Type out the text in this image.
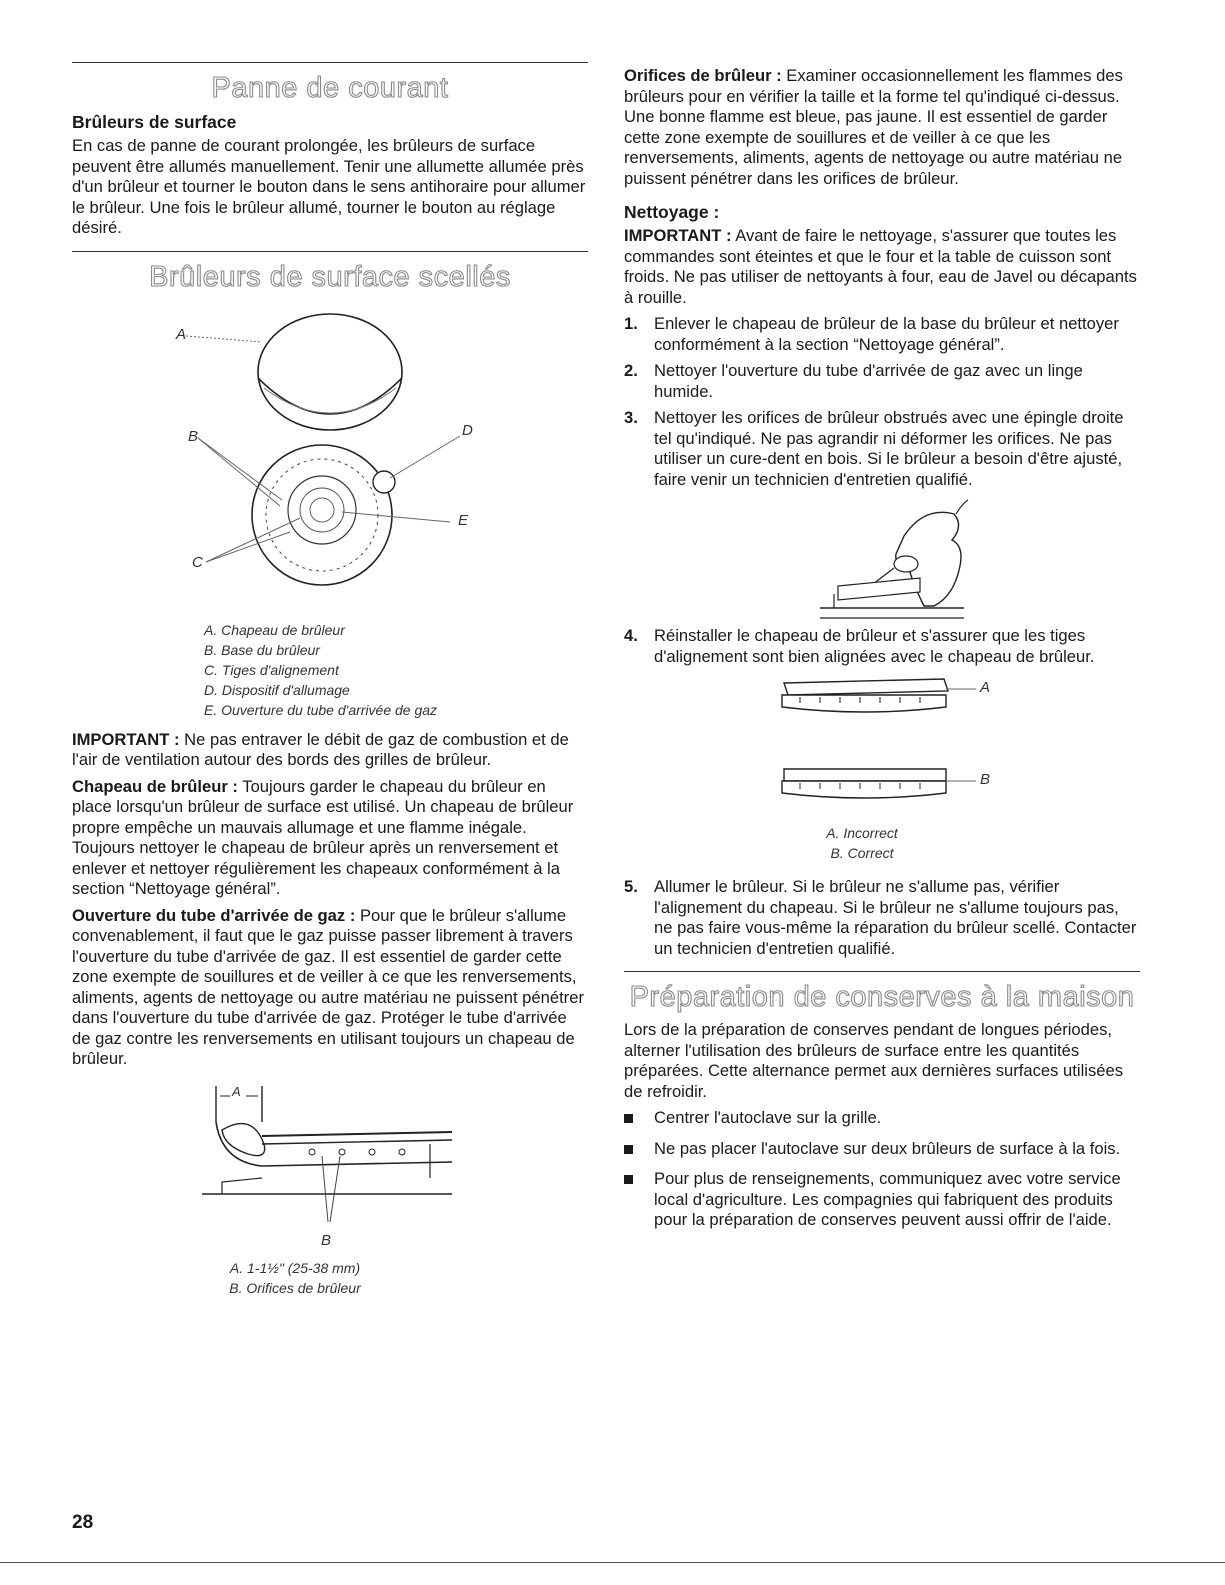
Panne de courant
Brûleurs de surface

En cas de panne de courant prolongée, les brûleurs de surface peuvent être allumés manuellement. Tenir une allumette allumée près d'un brûleur et tourner le bouton dans le sens antihoraire pour allumer le brûleur. Une fois le brûleur allumé, tourner le bouton au réglage désiré.

Brûleurs de surface scellés
A
B	D
E
C
A. Chapeau de brûleur
B. Base du brûleur
C. Tiges d'alignement
D. Dispositif d'allumage
E. Ouverture du tube d'arrivée de gaz

IMPORTANT : Ne pas entraver le débit de gaz de combustion et de l'air de ventilation autour des bords des grilles de brûleur.

Chapeau de brûleur : Toujours garder le chapeau du brûleur en place lorsqu'un brûleur de surface est utilisé. Un chapeau de brûleur propre empêche un mauvais allumage et une flamme inégale. Toujours nettoyer le chapeau de brûleur après un renversement et enlever et nettoyer régulièrement les chapeaux conformément à la section “Nettoyage général”.

Ouverture du tube d'arrivée de gaz : Pour que le brûleur s'allume convenablement, il faut que le gaz puisse passer librement à travers l'ouverture du tube d'arrivée de gaz. Il est essentiel de garder cette zone exempte de souillures et de veiller à ce que les renversements, aliments, agents de nettoyage ou autre matériau ne puissent pénétrer dans l'ouverture du tube d'arrivée de gaz. Protéger le tube d'arrivée de gaz contre les renversements en utilisant toujours un chapeau de brûleur.

A
B
A. 1-1½" (25-38 mm)
B. Orifices de brûleur

Orifices de brûleur : Examiner occasionnellement les flammes des brûleurs pour en vérifier la taille et la forme tel qu'indiqué ci-dessus. Une bonne flamme est bleue, pas jaune. Il est essentiel de garder cette zone exempte de souillures et de veiller à ce que les renversements, aliments, agents de nettoyage ou autre matériau ne puissent pénétrer dans les orifices de brûleur.

Nettoyage :

IMPORTANT : Avant de faire le nettoyage, s'assurer que toutes les commandes sont éteintes et que le four et la table de cuisson sont froids. Ne pas utiliser de nettoyants à four, eau de Javel ou décapants à rouille.

1. Enlever le chapeau de brûleur de la base du brûleur et nettoyer conformément à la section “Nettoyage général”.
2. Nettoyer l'ouverture du tube d'arrivée de gaz avec un linge humide.
3. Nettoyer les orifices de brûleur obstrués avec une épingle droite tel qu'indiqué. Ne pas agrandir ni déformer les orifices. Ne pas utiliser un cure-dent en bois. Si le brûleur a besoin d'être ajusté, faire venir un technicien d'entretien qualifié.
4. Réinstaller le chapeau de brûleur et s'assurer que les tiges d'alignement sont bien alignées avec le chapeau de brûleur.
A
B
A. Incorrect
B. Correct
5. Allumer le brûleur. Si le brûleur ne s'allume pas, vérifier l'alignement du chapeau. Si le brûleur ne s'allume toujours pas, ne pas faire vous-même la réparation du brûleur scellé. Contacter un technicien d'entretien qualifié.
Préparation de conserves à la maison

Lors de la préparation de conserves pendant de longues périodes, alterner l'utilisation des brûleurs de surface entre les quantités préparées. Cette alternance permet aux dernières surfaces utilisées de refroidir.

Centrer l'autoclave sur la grille.
Ne pas placer l'autoclave sur deux brûleurs de surface à la fois.
Pour plus de renseignements, communiquez avec votre service local d'agriculture. Les compagnies qui fabriquent des produits pour la préparation de conserves peuvent aussi offrir de l'aide.
28
